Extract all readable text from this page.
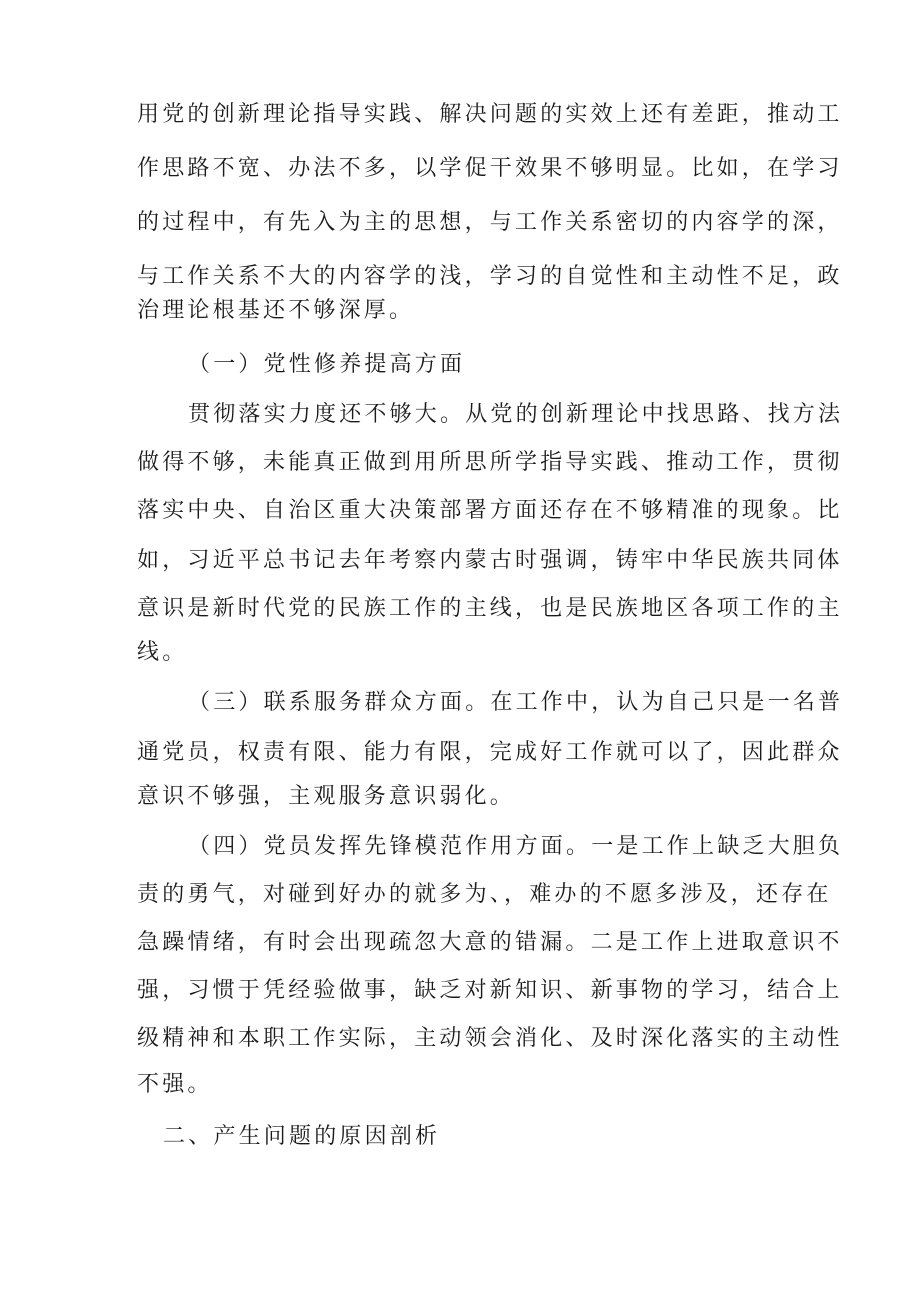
用党的创新理论指导实践、解决问题的实效上还有差距，推动工
作思路不宽、办法不多，以学促干效果不够明显。比如，在学习
的过程中，有先入为主的思想，与工作关系密切的内容学的深，
与工作关系不大的内容学的浅，学习的自觉性和主动性不足，政
治理论根基还不够深厚。
（一）党性修养提高方面
贯彻落实力度还不够大。从党的创新理论中找思路、找方法
做得不够，未能真正做到用所思所学指导实践、推动工作，贯彻
落实中央、自治区重大决策部署方面还存在不够精准的现象。比
如，习近平总书记去年考察内蒙古时强调，铸牢中华民族共同体
意识是新时代党的民族工作的主线，也是民族地区各项工作的主
线。
（三）联系服务群众方面。在工作中，认为自己只是一名普
通党员，权责有限、能力有限，完成好工作就可以了，因此群众
意识不够强，主观服务意识弱化。
（四）党员发挥先锋模范作用方面。一是工作上缺乏大胆负
责的勇气，对碰到好办的就多为、，难办的不愿多涉及，还存在
急躁情绪，有时会出现疏忽大意的错漏。二是工作上进取意识不
强，习惯于凭经验做事，缺乏对新知识、新事物的学习，结合上
级精神和本职工作实际，主动领会消化、及时深化落实的主动性
不强。
二、产生问题的原因剖析
